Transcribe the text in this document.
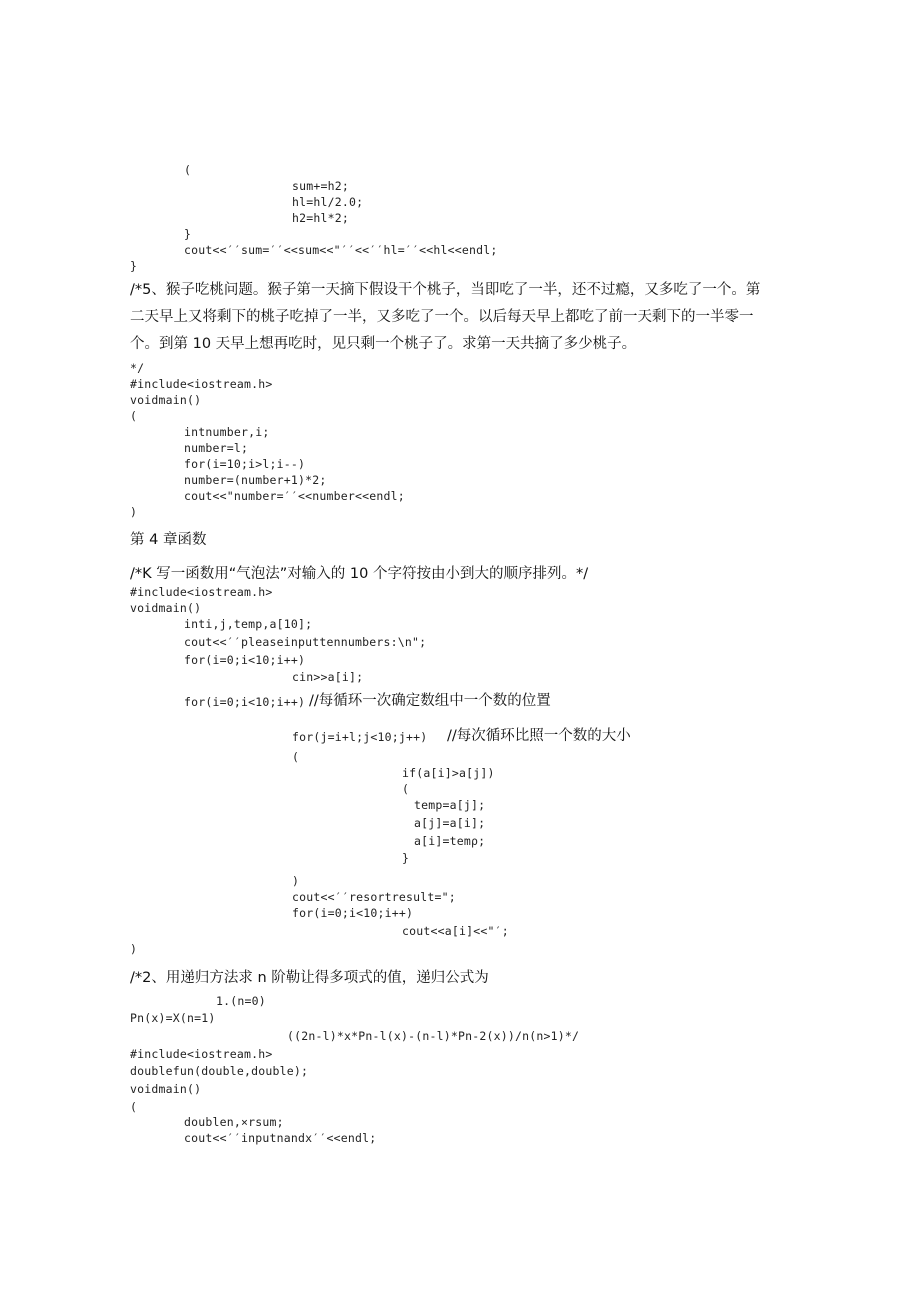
(
sum+=h2;
hl=hl∕2.0;
h2=hl*2;
}
cout<<′′sum=′′<<sum<<"′′<<′′hl=′′<<hl<<endl;
}
∕*5、猴子吃桃问题。猴子第一天摘下假设干个桃子，当即吃了一半，还不过瘾，又多吃了一个。第
二天早上又将剩下的桃子吃掉了一半，又多吃了一个。以后每天早上都吃了前一天剩下的一半零一
个。到第 10 天早上想再吃时，见只剩一个桃子了。求第一天共摘了多少桃子。
*/
#include<iostream.h>
voidmain()
(
intnumber,i;
number=l;
for(i=10;i>l;i--)
number=(number+1)*2;
cout<<"number=′′<<number<<endl;
)
第 4 章函数
∕*K 写一函数用“气泡法”对输入的 10 个字符按由小到大的顺序排列。*/
#include<iostream.h>
voidmain()
inti,j,temp,a[10];
cout<<′′pleaseinputtennumbers:\n";
for(i=0;i<10;i++)
cin>>a[i];
for(i=0;i<10;i++) //每循环一次确定数组中一个数的位置
for(j=i+l;j<10;j++) //每次循环比照一个数的大小
(
if(a[i]>a[j])
(
temp=a[j];
a[j]=a[i];
a[i]=temρ;
}
)
cout<<′′resortresult=";
for(i=0;i<10;i++)
cout<<a[i]<<"′;
)
∕*2、用递归方法求 n 阶勒让得多项式的值，递归公式为
1.(n=0)
Pn(x)=X(n=1)
((2n-l)*x*Pn-l(x)-(n-l)*Pn-2(x))/n(n>1)*/
#include<iostream.h>
doublefun(double,double);
voidmain()
(
doublen,×rsum;
cout<<′′inputnandx′′<<endl;
